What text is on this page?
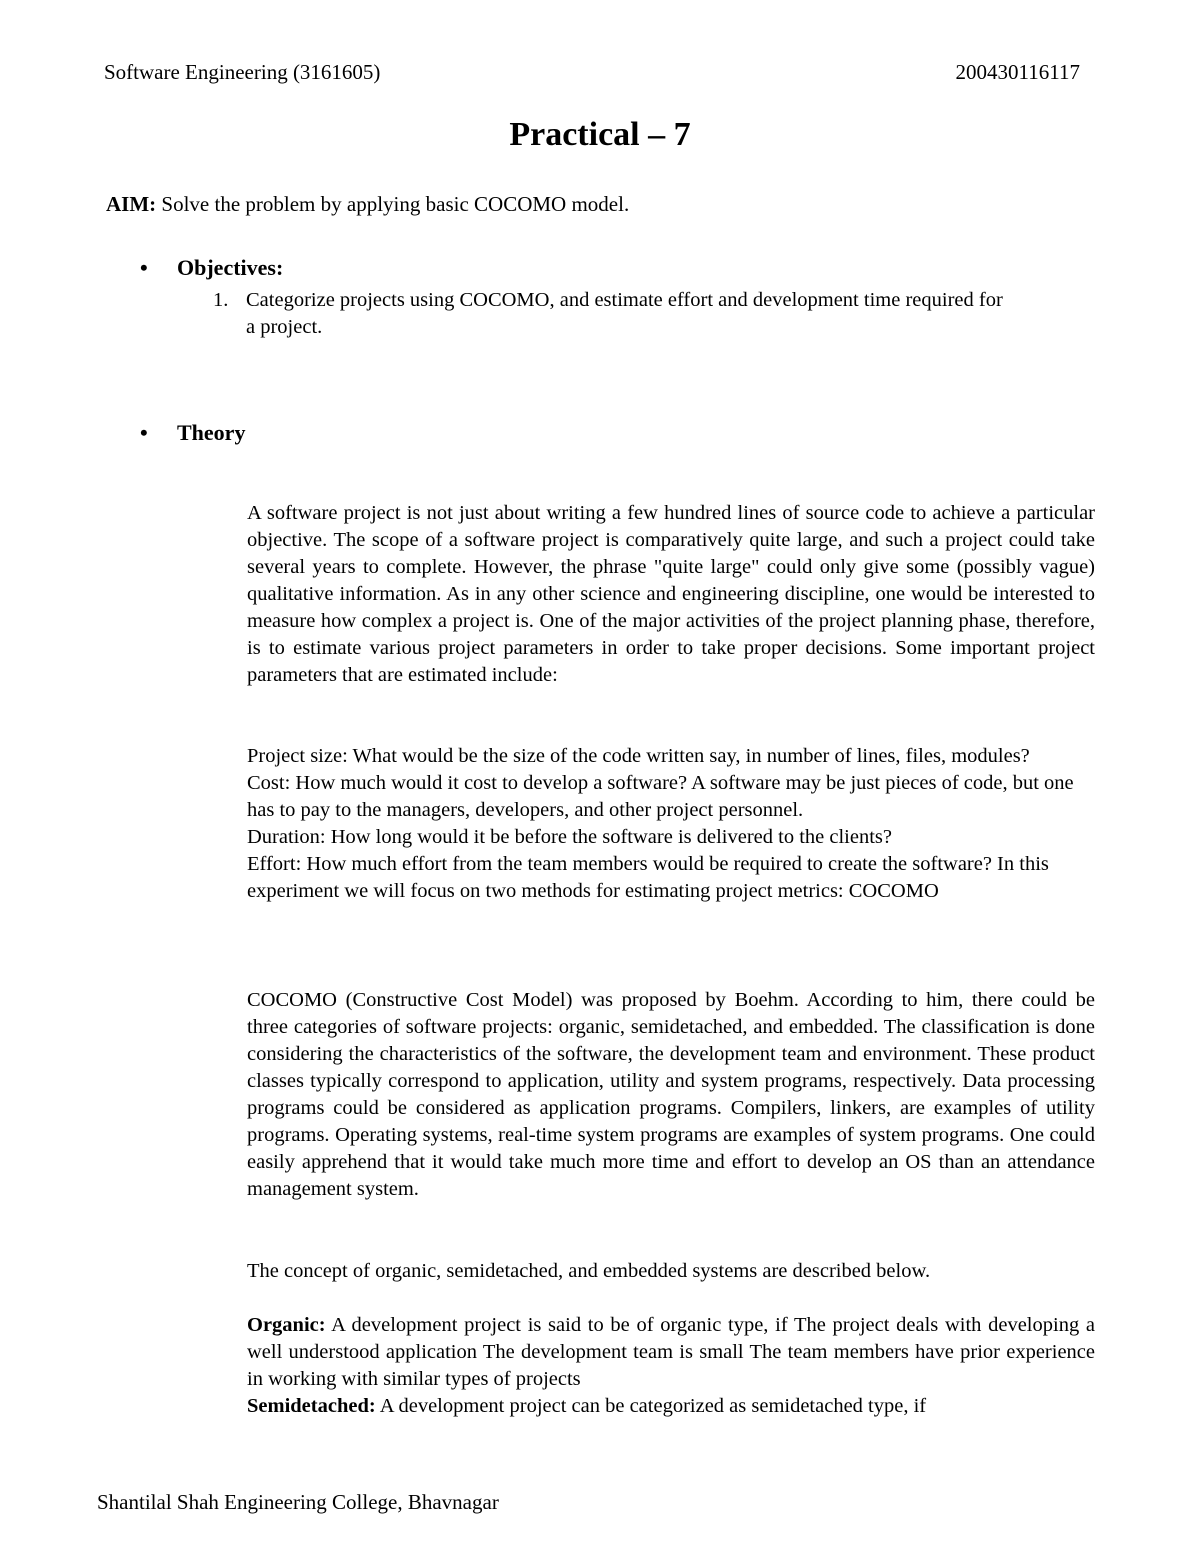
Software Engineering (3161605)	200430116117
Practical – 7
AIM: Solve the problem by applying basic COCOMO model.
• Objectives:
1. Categorize projects using COCOMO, and estimate effort and development time required for a project.
• Theory
A software project is not just about writing a few hundred lines of source code to achieve a particular objective. The scope of a software project is comparatively quite large, and such a project could take several years to complete. However, the phrase "quite large" could only give some (possibly vague) qualitative information. As in any other science and engineering discipline, one would be interested to measure how complex a project is. One of the major activities of the project planning phase, therefore, is to estimate various project parameters in order to take proper decisions. Some important project parameters that are estimated include:
Project size: What would be the size of the code written say, in number of lines, files, modules?
Cost: How much would it cost to develop a software? A software may be just pieces of code, but one has to pay to the managers, developers, and other project personnel.
Duration: How long would it be before the software is delivered to the clients?
Effort: How much effort from the team members would be required to create the software? In this experiment we will focus on two methods for estimating project metrics: COCOMO
COCOMO (Constructive Cost Model) was proposed by Boehm. According to him, there could be three categories of software projects: organic, semidetached, and embedded. The classification is done considering the characteristics of the software, the development team and environment. These product classes typically correspond to application, utility and system programs, respectively. Data processing programs could be considered as application programs. Compilers, linkers, are examples of utility programs. Operating systems, real-time system programs are examples of system programs. One could easily apprehend that it would take much more time and effort to develop an OS than an attendance management system.
The concept of organic, semidetached, and embedded systems are described below.
Organic: A development project is said to be of organic type, if The project deals with developing a well understood application The development team is small The team members have prior experience in working with similar types of projects
Semidetached: A development project can be categorized as semidetached type, if
Shantilal Shah Engineering College, Bhavnagar
